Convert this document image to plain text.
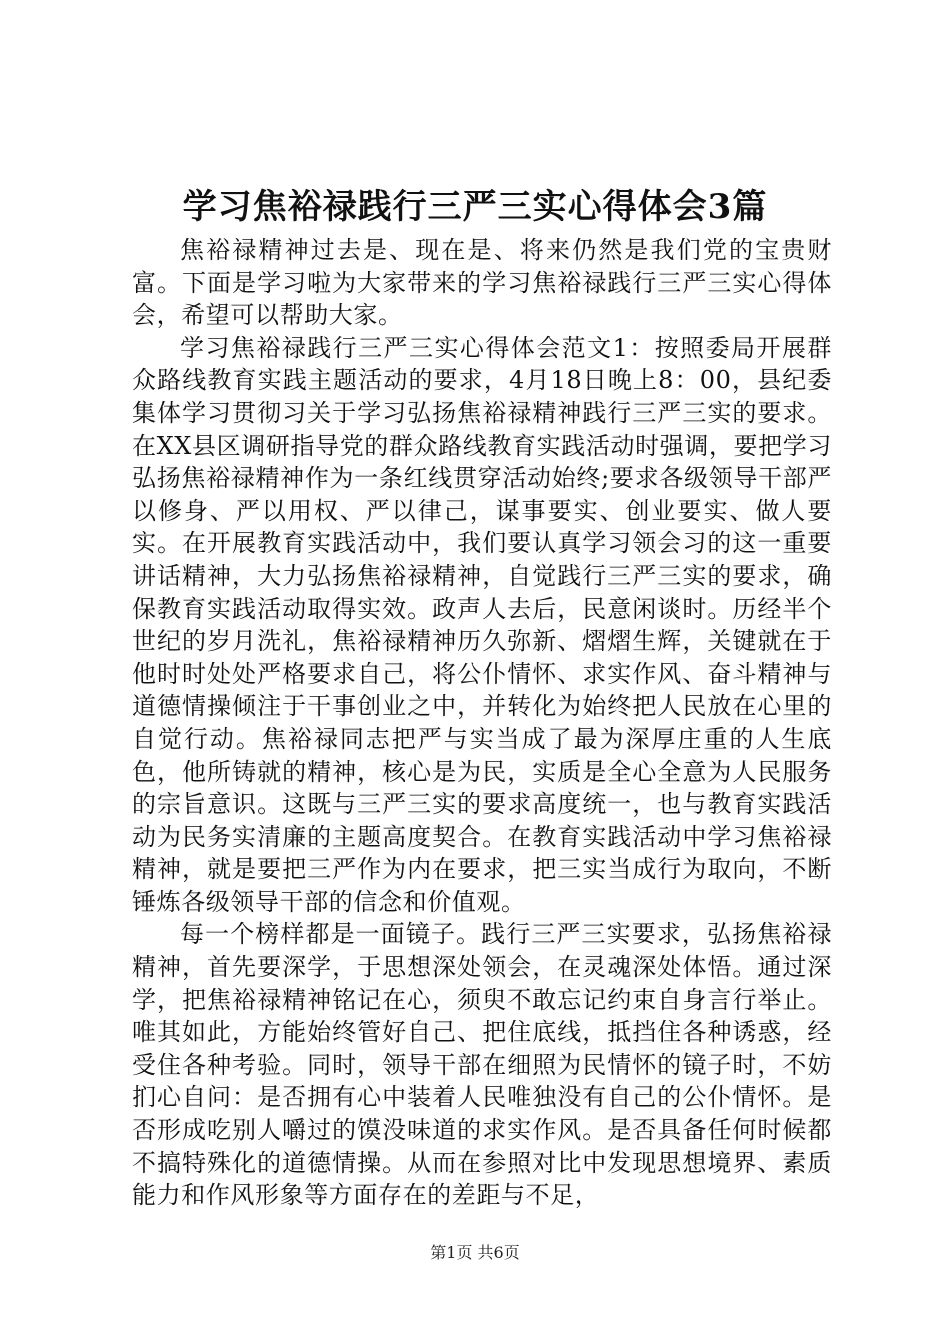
学习焦裕禄践行三严三实心得体会3篇

焦裕禄精神过去是、现在是、将来仍然是我们党的宝贵财富。下面是学习啦为大家带来的学习焦裕禄践行三严三实心得体会，希望可以帮助大家。

学习焦裕禄践行三严三实心得体会范文1：按照委局开展群众路线教育实践主题活动的要求，4月18日晚上8：00，县纪委集体学习贯彻习关于学习弘扬焦裕禄精神践行三严三实的要求。在XX县区调研指导党的群众路线教育实践活动时强调，要把学习弘扬焦裕禄精神作为一条红线贯穿活动始终;要求各级领导干部严以修身、严以用权、严以律己，谋事要实、创业要实、做人要实。在开展教育实践活动中，我们要认真学习领会习的这一重要讲话精神，大力弘扬焦裕禄精神，自觉践行三严三实的要求，确保教育实践活动取得实效。政声人去后，民意闲谈时。历经半个世纪的岁月洗礼，焦裕禄精神历久弥新、熠熠生辉，关键就在于他时时处处严格要求自己，将公仆情怀、求实作风、奋斗精神与道德情操倾注于干事创业之中，并转化为始终把人民放在心里的自觉行动。焦裕禄同志把严与实当成了最为深厚庄重的人生底色，他所铸就的精神，核心是为民，实质是全心全意为人民服务的宗旨意识。这既与三严三实的要求高度统一，也与教育实践活动为民务实清廉的主题高度契合。在教育实践活动中学习焦裕禄精神，就是要把三严作为内在要求，把三实当成行为取向，不断锤炼各级领导干部的信念和价值观。

每一个榜样都是一面镜子。践行三严三实要求，弘扬焦裕禄精神，首先要深学，于思想深处领会，在灵魂深处体悟。通过深学，把焦裕禄精神铭记在心，须臾不敢忘记约束自身言行举止。唯其如此，方能始终管好自己、把住底线，抵挡住各种诱惑，经受住各种考验。同时，领导干部在细照为民情怀的镜子时，不妨扪心自问：是否拥有心中装着人民唯独没有自己的公仆情怀。是否形成吃别人嚼过的馍没味道的求实作风。是否具备任何时候都不搞特殊化的道德情操。从而在参照对比中发现思想境界、素质能力和作风形象等方面存在的差距与不足，

第1页 共6页
